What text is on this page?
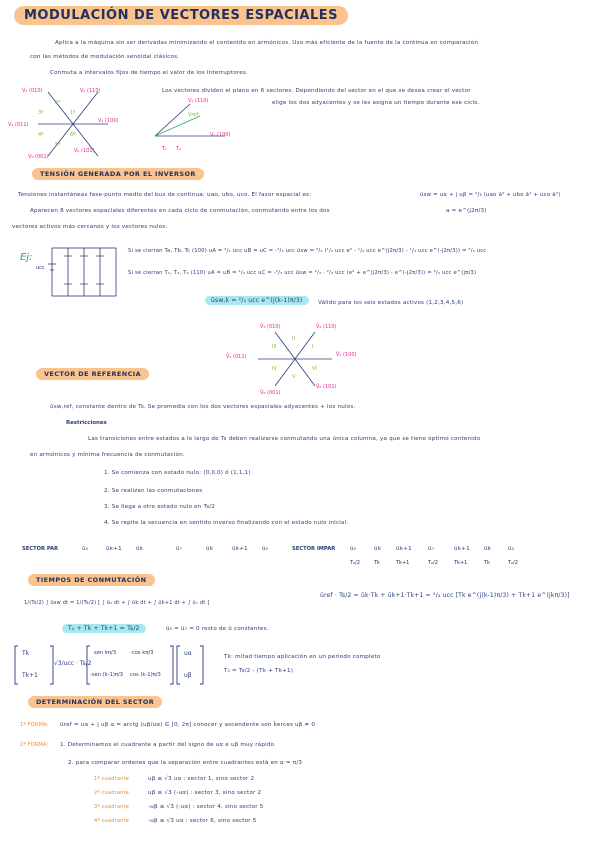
MODULACIÓN DE VECTORES ESPACIALES
Aplica a la máquina sin ser derivadas minimizando el contenido en armónicos. Uso más eficiente de la fuente de la continua en comparación
con las métodos de modulación senoidal clásicos.
Conmuta a intervalos fijos de tiempo el valor de los interruptores.
V₃ (010)	V₂ (110)
V₄ (011)
V₁ (100)
V₅ (001)
V₆ (101)
1º
2º
3º
4º
5º
6º
V₂ (110)
V₁ (100)
Vref
T₁ T₂
Los vectores dividen el plano en 6 sectores. Dependiendo del sector en el que se desea crear el vector
elige los dos adyacentes y se les asigna un tiempo durante ese ciclo.
TENSIÓN GENERADA POR EL INVERSOR
Tensiones instantáneas fase-punto medio del bus de continua: uao, ubo, uco. El fasor espacial es:	ūsw = uα + j uβ = ²/₃ (uao ā⁰ + ubo ā¹ + uco ā²)
Aparecen 8 vectores espaciales diferentes en cada ciclo de conmutación, conmutando entre los dos	a = e^(j2π/3)
vectores activos más cercanos y los vectores nulos.
Ej:
ucc
Si se cierran Ta, Tb, Tc (100) uA = ²/₃ ucc uB = uC = -¹/₃ ucc ūsw = ²/₃ (¹/₃ ucc e⁰ - ¹/₃ ucc e^(j2π/3) - ¹/₃ ucc e^(-j2π/3)) = ²/₃ ucc
Si se cierran T₁, T₂, T₃ (110) uA = uB = ¹/₃ ucc uC = -²/₃ ucc ūsw = ²/₃ · ²/₃ ucc (e⁰ + e^(j2π/3) - e^(-j2π/3)) = ²/₃ ucc e^(jπ/3)
ūsw,k = ²/₃ ucc e^(j(k-1)π/3)	Válido para los seis estados activos (1,2,3,4,5,6)
V̄₃ (010)	V̄₂ (110)
V̄₄ (011)	V̄₁ (100)
V̄₅ (001)
V̄₆ (101)
I
II
III
IV
V
VI
VECTOR DE REFERENCIA
ūsw,ref, constante dentro de Ts. Se promedia con los dos vectores espaciales adyacentes + los nulos.
Restricciones
Las transiciones entre estados a lo largo de Ts deben realizarse conmutando una única columna, ya que se tiene óptimo contenido
en armónicos y mínima frecuencia de conmutación.
1. Se comienza con estado nulo: (0,0,0) ó (1,1,1)
2. Se realizan las conmutaciones
3. Se llega a otro estado nulo en Ts/2
4. Se repite la secuencia en sentido inverso finalizando con el estado nulo inicial.
SECTOR PAR	ū₀	ūk+1	ūk	ū₇	ūk	ūk+1	ū₀	SECTOR IMPAR	ū₀	ūk	ūk+1	ū₇	ūk+1	ūk	ū₀
T₀/2	Tk	Tk+1	T₀/2	Tk+1	Tk	T₀/2
TIEMPOS DE CONMUTACIÓN
1/(Ts/2) ∫ ūsw dt = 1/(Ts/2) [ ∫ ū₀ dt + ∫ ūk dt + ∫ ūk+1 dt + ∫ ū₇ dt ]
ūref · Ts/2 = ūk·Tk + ūk+1·Tk+1 = ²/₃ ucc [Tk e^(j(k-1)π/3) + Tk+1 e^(jkπ/3)]
T₀ + Tk + Tk+1 = Ts/2	ū₀ = ū₇ = 0 resto de ū constantes.
Tk
Tk+1
√3/ucc · Ts/2
sen kπ/3	-cos kπ/3
-sen (k-1)π/3 cos (k-1)π/3
uα
uβ
Tk: mitad tiempo aplicación en un periodo completo
T₀ = Ts/2 - (Tk + Tk+1)
DETERMINACIÓN DEL SECTOR
1ª FORMA: ūref = uα + j uβ α = arctg (uβ/uα) ∈ [0, 2π] conocer y ascendente son ǩerces uβ ≠ 0
2ª FORMA: 1. Determinamos el cuadrante a partir del signo de uα e uβ muy rápido
2. para comparar ordenes que la separación entre cuadrantes está en α = π/3
1º cuadrante	uβ ≤ √3 uα : sector 1, sino sector 2
2º cuadrante	uβ ≤ √3 (-uα) : sector 3, sino sector 2
3º cuadrante	-uβ ≤ √3 (-uα) : sector 4, sino sector 5
4º cuadrante	-uβ ≤ √3 uα : sector 6, sino sector 5
